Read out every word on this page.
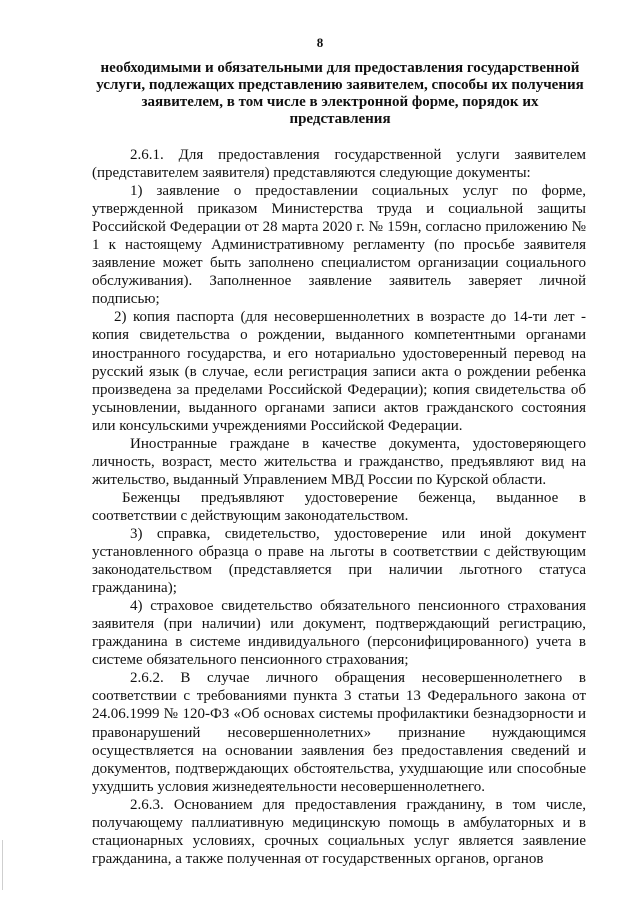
8
необходимыми и обязательными для предоставления государственной услуги, подлежащих представлению заявителем, способы их получения заявителем, в том числе в электронной форме, порядок их представления

2.6.1. Для предоставления государственной услуги заявителем (представителем заявителя) представляются следующие документы:

1) заявление о предоставлении социальных услуг по форме, утвержденной приказом Министерства труда и социальной защиты Российской Федерации от 28 марта 2020 г. № 159н, согласно приложению № 1 к настоящему Административному регламенту (по просьбе заявителя заявление может быть заполнено специалистом организации социального обслуживания). Заполненное заявление заявитель заверяет личной подписью;

2) копия паспорта (для несовершеннолетних в возрасте до 14-ти лет - копия свидетельства о рождении, выданного компетентными органами иностранного государства, и его нотариально удостоверенный перевод на русский язык (в случае, если регистрация записи акта о рождении ребенка произведена за пределами Российской Федерации); копия свидетельства об усыновлении, выданного органами записи актов гражданского состояния или консульскими учреждениями Российской Федерации.

Иностранные граждане в качестве документа, удостоверяющего личность, возраст, место жительства и гражданство, предъявляют вид на жительство, выданный Управлением МВД России по Курской области.

Беженцы предъявляют удостоверение беженца, выданное в соответствии с действующим законодательством.

3) справка, свидетельство, удостоверение или иной документ установленного образца о праве на льготы в соответствии с действующим законодательством (представляется при наличии льготного статуса гражданина);

4) страховое свидетельство обязательного пенсионного страхования заявителя (при наличии) или документ, подтверждающий регистрацию, гражданина в системе индивидуального (персонифицированного) учета в системе обязательного пенсионного страхования;

2.6.2. В случае личного обращения несовершеннолетнего в соответствии с требованиями пункта 3 статьи 13 Федерального закона от 24.06.1999 № 120-ФЗ «Об основах системы профилактики безнадзорности и правонарушений несовершеннолетних» признание нуждающимся осуществляется на основании заявления без предоставления сведений и документов, подтверждающих обстоятельства, ухудшающие или способные ухудшить условия жизнедеятельности несовершеннолетнего.

2.6.3. Основанием для предоставления гражданину, в том числе, получающему паллиативную медицинскую помощь в амбулаторных и в стационарных условиях, срочных социальных услуг является заявление гражданина, а также полученная от государственных органов, органов
